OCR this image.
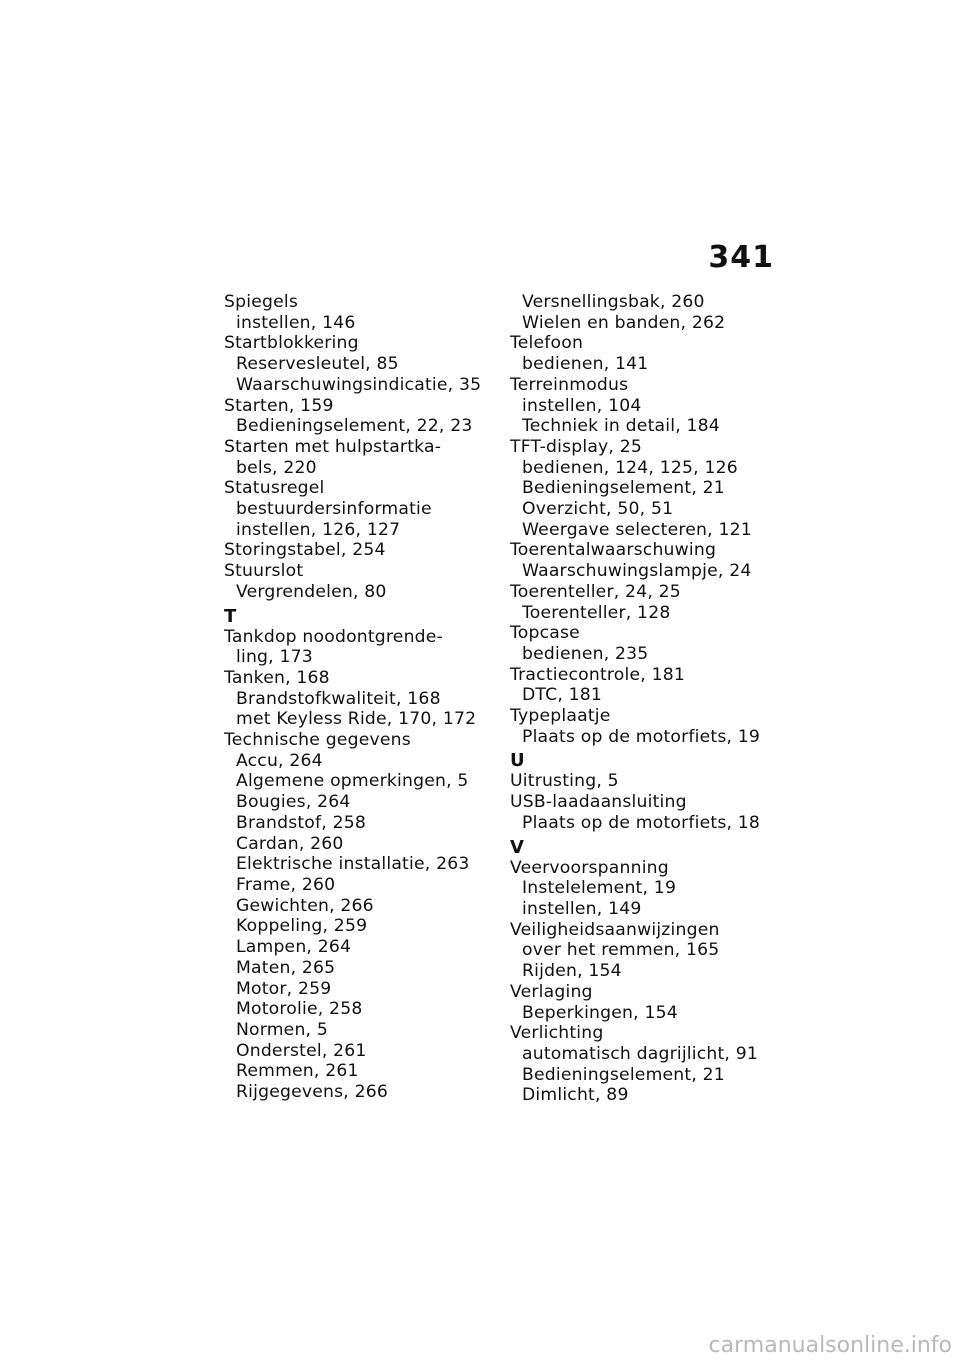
341
Spiegels
instellen, 146
Startblokkering
Reservesleutel, 85
Waarschuwingsindicatie, 35
Starten, 159
Bedieningselement, 22, 23
Starten met hulpstartka-
bels, 220
Statusregel
bestuurdersinformatie
instellen, 126, 127
Storingstabel, 254
Stuurslot
Vergrendelen, 80
T
Tankdop noodontgrende-
ling, 173
Tanken, 168
Brandstofkwaliteit, 168
met Keyless Ride, 170, 172
Technische gegevens
Accu, 264
Algemene opmerkingen, 5
Bougies, 264
Brandstof, 258
Cardan, 260
Elektrische installatie, 263
Frame, 260
Gewichten, 266
Koppeling, 259
Lampen, 264
Maten, 265
Motor, 259
Motorolie, 258
Normen, 5
Onderstel, 261
Remmen, 261
Rijgegevens, 266
Versnellingsbak, 260
Wielen en banden, 262
Telefoon
bedienen, 141
Terreinmodus
instellen, 104
Techniek in detail, 184
TFT-display, 25
bedienen, 124, 125, 126
Bedieningselement, 21
Overzicht, 50, 51
Weergave selecteren, 121
Toerentalwaarschuwing
Waarschuwingslampje, 24
Toerenteller, 24, 25
Toerenteller, 128
Topcase
bedienen, 235
Tractiecontrole, 181
DTC, 181
Typeplaatje
Plaats op de motorfiets, 19
U
Uitrusting, 5
USB-laadaansluiting
Plaats op de motorfiets, 18
V
Veervoorspanning
Instelelement, 19
instellen, 149
Veiligheidsaanwijzingen
over het remmen, 165
Rijden, 154
Verlaging
Beperkingen, 154
Verlichting
automatisch dagrijlicht, 91
Bedieningselement, 21
Dimlicht, 89
carmanualsonline.info
